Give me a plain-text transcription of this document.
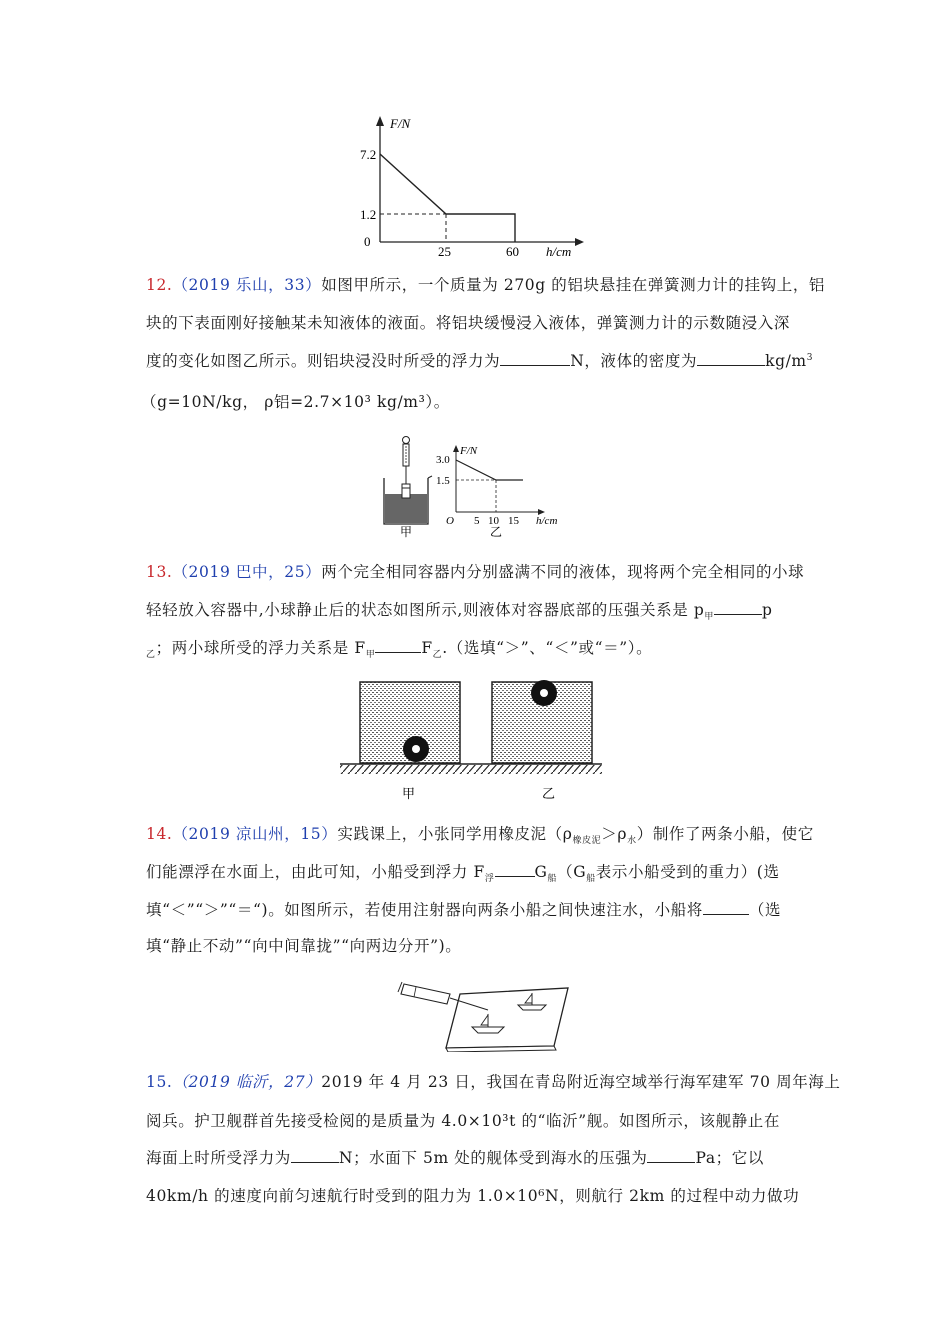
F/N
7.2
1.2
0
25	60 h/cm
12.（2019 乐山，33）如图甲所示，一个质量为 270g 的铝块悬挂在弹簧测力计的挂钩上，铝
块的下表面刚好接触某未知液体的液面。将铝块缓慢浸入液体，弹簧测力计的示数随浸入深
度的变化如图乙所示。则铝块浸没时所受的浮力为	N，液体的密度为	$kg/m^3$
（g=10N/kg， ρ铝=2.7×10³ kg/m³）。
甲
F/N
3.0
1.5
O 5 10 15 h/cm
乙
13.（2019 巴中，25）两个完全相同容器内分别盛满不同的液体，现将两个完全相同的小球
轻轻放入容器中,小球静止后的状态如图所示,则液体对容器底部的压强关系是 $p_甲$	p
$_乙$；两小球所受的浮力关系是 $F_甲$	$F_乙$.（选填“＞”、“＜”或“＝”）。
甲	乙
14.（2019 凉山州，15）实践课上，小张同学用橡皮泥$(\rho_{橡皮泥}>\rho_水)$制作了两条小船，使它
们能漂浮在水面上，由此可知，小船受到浮力 $F_浮$	$G_船(G_船$表示小船受到的重力）(选
填“＜”“＞”“＝“)。如图所示，若使用注射器向两条小船之间快速注水，小船将	（选
填“静止不动”“向中间靠拢”“向两边分开”)。
15.（2019 临沂，27）2019 年 4 月 23 日，我国在青岛附近海空域举行海军建军 70 周年海上
阅兵。护卫舰群首先接受检阅的是质量为 4.0×10³t 的“临沂”舰。如图所示，该舰静止在
海面上时所受浮力为	N；水面下 5m 处的舰体受到海水的压强为	Pa；它以
40km/h 的速度向前匀速航行时受到的阻力为 1.0×10⁶N，则航行 2km 的过程中动力做功
